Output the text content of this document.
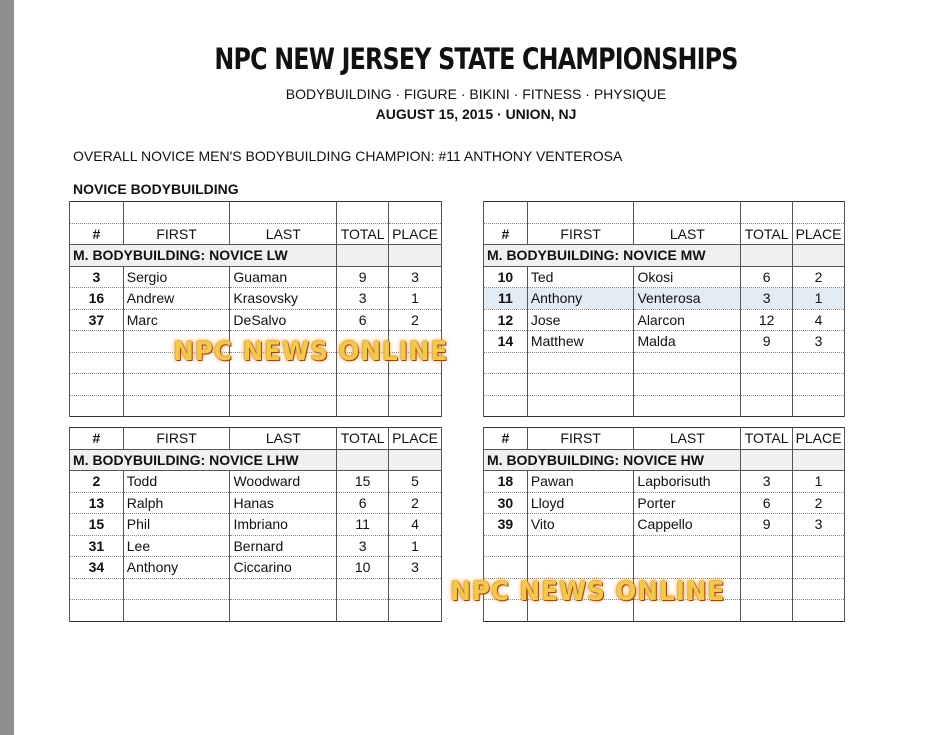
NPC NEW JERSEY STATE CHAMPIONSHIPS
BODYBUILDING · FIGURE · BIKINI · FITNESS · PHYSIQUE
AUGUST 15, 2015 · UNION, NJ
OVERALL NOVICE MEN'S BODYBUILDING CHAMPION: #11 ANTHONY VENTEROSA
NOVICE BODYBUILDING

#	FIRST	LAST	TOTAL	PLACE
M. BODYBUILDING: NOVICE LW				
3	Sergio	Guaman	9	3
16	Andrew	Krasovsky	3	1
37	Marc	DeSalvo	6	2

#	FIRST	LAST	TOTAL	PLACE
M. BODYBUILDING: NOVICE MW				
10	Ted	Okosi	6	2
11	Anthony	Venterosa	3	1
12	Jose	Alarcon	12	4
14	Matthew	Malda	9	3

#	FIRST	LAST	TOTAL	PLACE
M. BODYBUILDING: NOVICE LHW				
2	Todd	Woodward	15	5
13	Ralph	Hanas	6	2
15	Phil	Imbriano	11	4
31	Lee	Bernard	3	1
34	Anthony	Ciccarino	10	3

#	FIRST	LAST	TOTAL	PLACE
M. BODYBUILDING: NOVICE HW				
18	Pawan	Lapborisuth	3	1
30	Lloyd	Porter	6	2
39	Vito	Cappello	9	3

NPC NEWS ONLINE
NPC NEWS ONLINE
